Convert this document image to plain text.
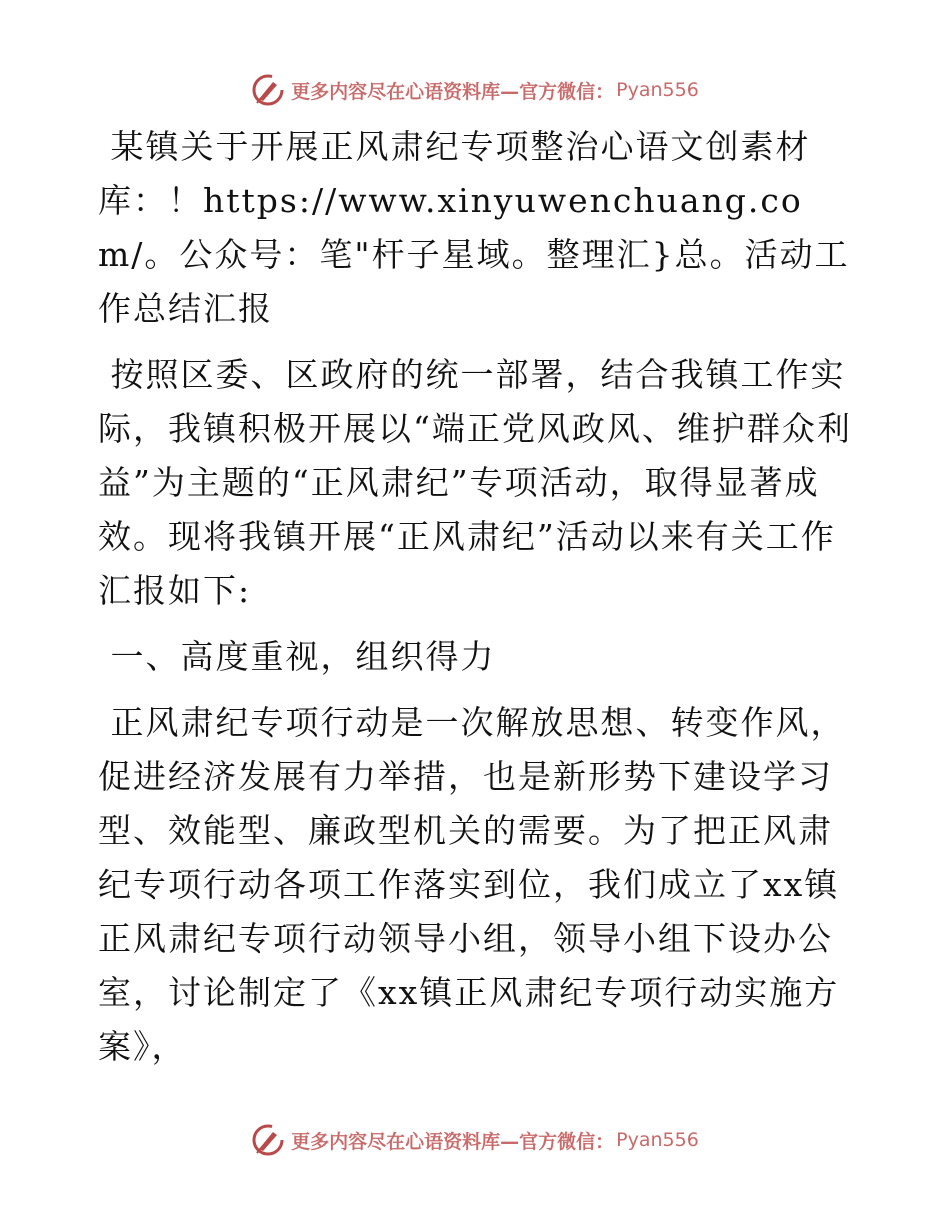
更多内容尽在心语资料库—官方微信： Pyan556

某镇关于开展正风肃纪专项整治心语文创素材库：！https://www.xinyuwenchuang.com/。公众号：笔"杆子星域。整理汇}总。活动工作总结汇报

按照区委、区政府的统一部署，结合我镇工作实际，我镇积极开展以“端正党风政风、维护群众利益”为主题的“正风肃纪”专项活动，取得显著成效。现将我镇开展“正风肃纪”活动以来有关工作汇报如下:

一、高度重视，组织得力

正风肃纪专项行动是一次解放思想、转变作风，促进经济发展有力举措，也是新形势下建设学习型、效能型、廉政型机关的需要。为了把正风肃纪专项行动各项工作落实到位，我们成立了xx镇正风肃纪专项行动领导小组，领导小组下设办公室，讨论制定了《xx镇正风肃纪专项行动实施方案》，

更多内容尽在心语资料库—官方微信： Pyan556
